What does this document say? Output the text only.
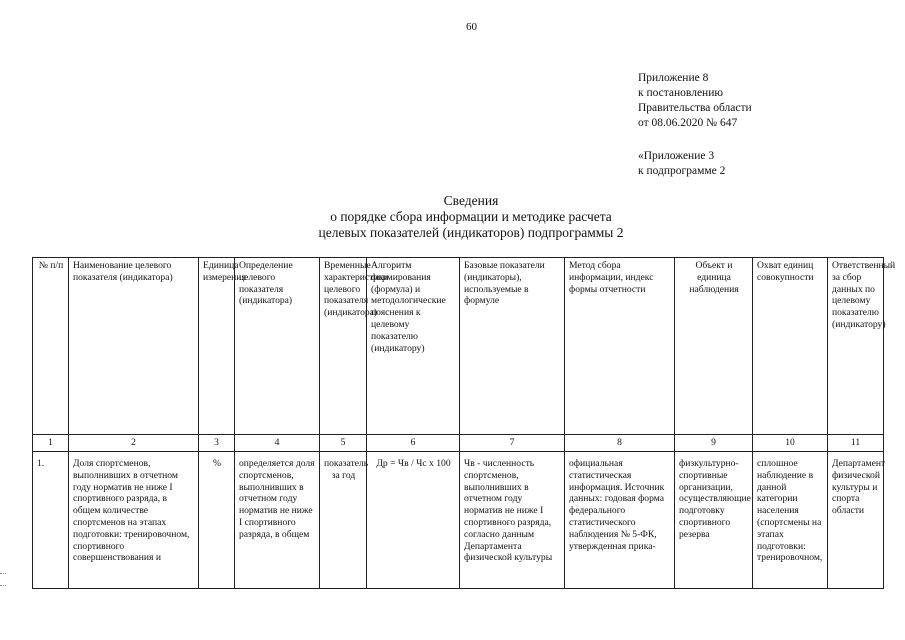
60
Приложение 8
к постановлению
Правительства области
от 08.06.2020 № 647
«Приложение 3
к подпрограмме 2
Сведения
о порядке сбора информации и методике расчета
целевых показателей (индикаторов) подпрограммы 2
№ п/п	Наименование целевого показателя (индикатора)	Единица измерения	Определение целевого показателя (индикатора)	Временные характеристики целевого показателя (индикатора)	Алгоритм формирования (формула) и методологические пояснения к целевому показателю (индикатору)	Базовые показатели (индикаторы), используемые в формуле	Метод сбора информации, индекс формы отчетности	Объект и единица наблюдения	Охват единиц совокупности	Ответственный за сбор данных по целевому показателю (индикатору)
1	2	3	4	5	6	7	8	9	10	11
1.	Доля спортсменов, выполнивших в отчетном году норматив не ниже I спортивного разряда, в общем количестве спортсменов на этапах подготовки: тренировочном, спортивного совершенствования и	%	определяется доля спортсменов, выполнивших в отчетном году норматив не ниже I спортивного разряда, в общем	показатель за год	Др = Чв / Чс х 100	Чв - численность спортсменов, выполнивших в отчетном году норматив не ниже I спортивного разряда, согласно данным Департамента физической культуры	официальная статистическая информация. Источник данных: годовая форма федерального статистического наблюдения № 5-ФК, утвержденная прика-	физкультурно-спортивные организации, осуществляющие подготовку спортивного резерва	сплошное наблюдение в данной категории населения (спортсмены на этапах подготовки: тренировочном,	Департамент физической культуры и спорта области
